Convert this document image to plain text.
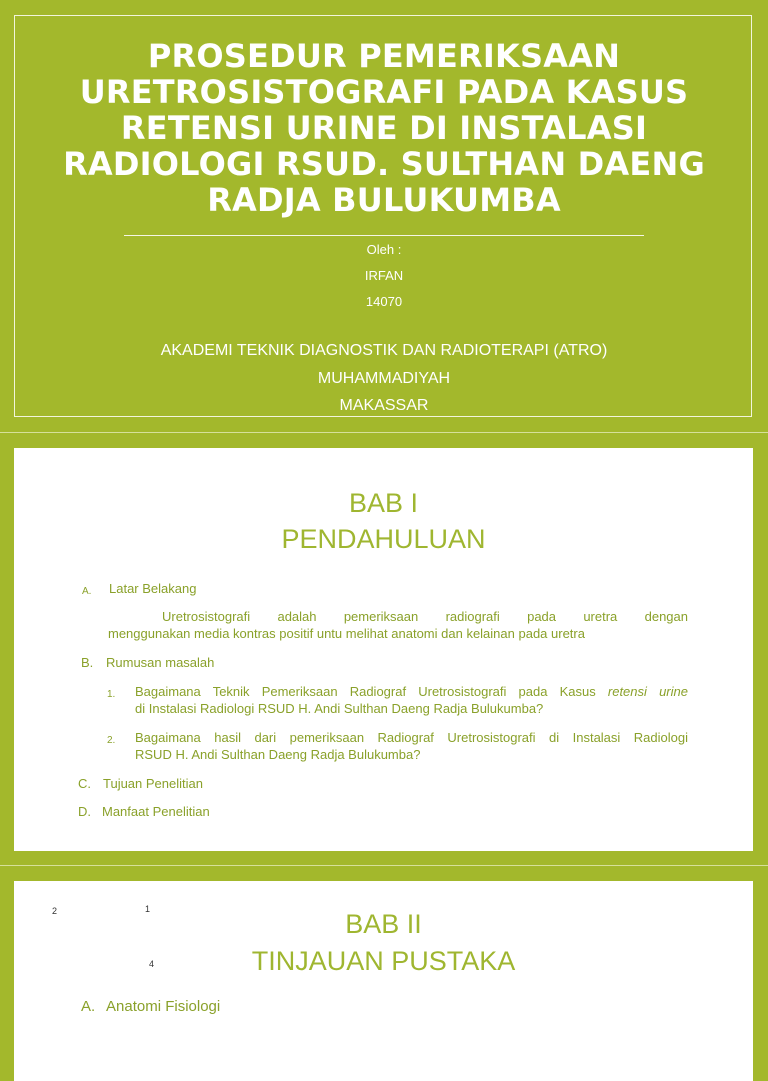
PROSEDUR PEMERIKSAAN
URETROSISTOGRAFI PADA KASUS
RETENSI URINE DI INSTALASI
RADIOLOGI RSUD. SULTHAN DAENG
RADJA BULUKUMBA
Oleh :
IRFAN
14070
AKADEMI TEKNIK DIAGNOSTIK DAN RADIOTERAPI (ATRO)
MUHAMMADIYAH
MAKASSAR
BAB I
PENDAHULUAN
A. Latar Belakang
Uretrosistografi adalah pemeriksaan radiografi pada uretra dengan
menggunakan media kontras positif untu melihat anatomi dan kelainan pada uretra
B. Rumusan masalah
1. Bagaimana Teknik Pemeriksaan Radiograf Uretrosistografi pada Kasus retensi urine
di Instalasi Radiologi RSUD H. Andi Sulthan Daeng Radja Bulukumba?
2. Bagaimana hasil dari pemeriksaan Radiograf Uretrosistografi di Instalasi Radiologi
RSUD H. Andi Sulthan Daeng Radja Bulukumba?
C. Tujuan Penelitian
D. Manfaat Penelitian
2	1
4
BAB II
TINJAUAN PUSTAKA
A. Anatomi Fisiologi
